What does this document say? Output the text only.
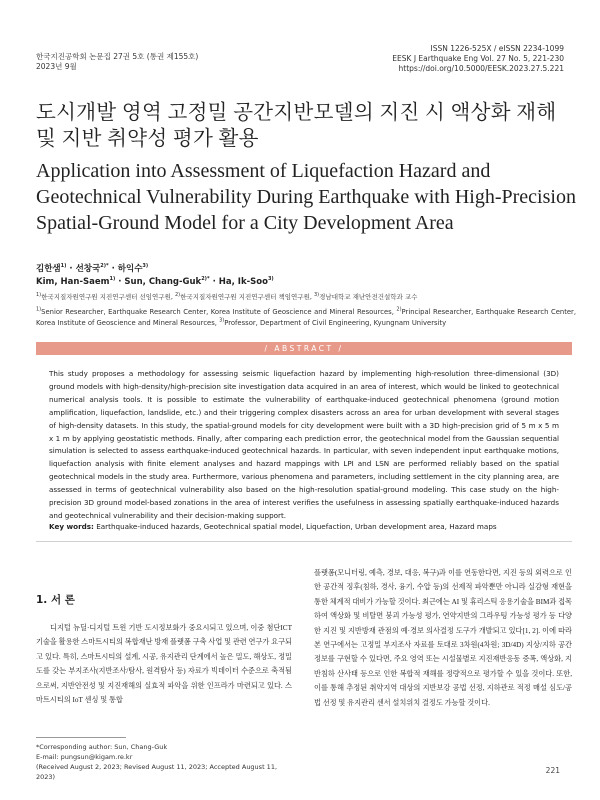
한국지진공학회 논문집 27권 5호 (통권 제155호)
2023년 9월
ISSN 1226-525X / eISSN 2234-1099
EESK J Earthquake Eng Vol. 27 No. 5, 221-230
https://doi.org/10.5000/EESK.2023.27.5.221
도시개발 영역 고정밀 공간지반모델의 지진 시 액상화 재해 및 지반 취약성 평가 활용
Application into Assessment of Liquefaction Hazard and Geotechnical Vulnerability During Earthquake with High-Precision Spatial-Ground Model for a City Development Area
김한샘$^{1)}$ · 선창국$^{2)*}$ · 하익수$^{3)}$
Kim, Han-Saem$^{1)}$ · Sun, Chang-Guk$^{2)*}$ · Ha, Ik-Soo$^{3)}$
$^{1)}$한국지질자원연구원 지진연구센터 선임연구원, $^{2)}$한국지질자원연구원 지진연구센터 책임연구원, $^{3)}$경남대학교 재난안전건설학과 교수
$^{1)}$Senior Researcher, Earthquake Research Center, Korea Institute of Geoscience and Mineral Resources, $^{2)}$Principal Researcher, Earthquake Research Center, Korea Institute of Geoscience and Mineral Resources, $^{3)}$Professor, Department of Civil Engineering, Kyungnam University
/ ABSTRACT /

This study proposes a methodology for assessing seismic liquefaction hazard by implementing high-resolution three-dimensional (3D) ground models with high-density/high-precision site investigation data acquired in an area of interest, which would be linked to geotechnical numerical analysis tools. It is possible to estimate the vulnerability of earthquake-induced geotechnical phenomena (ground motion amplification, liquefaction, landslide, etc.) and their triggering complex disasters across an area for urban development with several stages of high-density datasets. In this study, the spatial-ground models for city development were built with a 3D high-precision grid of 5 m x 5 m x 1 m by applying geostatistic methods. Finally, after comparing each prediction error, the geotechnical model from the Gaussian sequential simulation is selected to assess earthquake-induced geotechnical hazards. In particular, with seven independent input earthquake motions, liquefaction analysis with finite element analyses and hazard mappings with LPI and LSN are performed reliably based on the spatial geotechnical models in the study area. Furthermore, various phenomena and parameters, including settlement in the city planning area, are assessed in terms of geotechnical vulnerability also based on the high-resolution spatial-ground modeling. This case study on the high-precision 3D ground model-based zonations in the area of interest verifies the usefulness in assessing spatially earthquake-induced hazards and geotechnical vulnerability and their decision-making support.

Key words: Earthquake-induced hazards, Geotechnical spatial model, Liquefaction, Urban development area, Hazard maps
1. 서 론

디지털 뉴딜·디지털 트윈 기반 도시정보화가 중요시되고 있으며, 이중 첨단ICT 기술을 활용한 스마트시티의 복합재난 방재 플랫폼 구축 사업 및 관련 연구가 요구되고 있다. 특히, 스마트시티의 설계, 시공, 유지관리 단계에서 높은 밀도, 해상도, 정밀도를 갖는 부지조사(지반조사/탐사, 원격탐사 등) 자료가 빅데이터 수준으로 축적됨으로써, 지반안전성 및 지진재해의 실효적 파악을 위한 인프라가 마련되고 있다. 스마트시티의 IoT 센싱 및 통합

플랫폼(모니터링, 예측, 경보, 대응, 복구)과 이를 연동한다면, 지진 등의 외력으로 인한 공간적 징후(침하, 경사, 융기, 수압 등)의 선제적 파악뿐만 아니라 실감형 재현을 통한 체계적 대비가 가능할 것이다. 최근에는 AI 및 휴리스틱 응용기술을 BIM과 접목하여 액상화 및 비탈면 붕괴 가능성 평가, 연약지반의 그라우팅 가능성 평가 등 다양한 지진 및 지반방재 관점의 예·경보 의사결정 도구가 개발되고 있다[1, 2]. 이에 따라 본 연구에서는 고정밀 부지조사 자료를 토대로 3차원(4차원; 3D/4D) 지상/지하 공간정보를 구현할 수 있다면, 주요 영역 또는 시설물별로 지진재반응동 증폭, 액상화, 지반침하 산사태 등으로 인한 복합적 재해를 정량적으로 평가할 수 있을 것이다. 또한, 이를 통해 추정된 취약지역 대상의 지반보강 공법 선정, 지하관로 적정 매설 심도/공법 선정 및 유지관리 센서 설치위치 결정도 가능할 것이다.

*Corresponding author: Sun, Chang-Guk
E-mail: pungsun@kigam.re.kr
(Received August 2, 2023; Revised August 11, 2023; Accepted August 11, 2023)
221
